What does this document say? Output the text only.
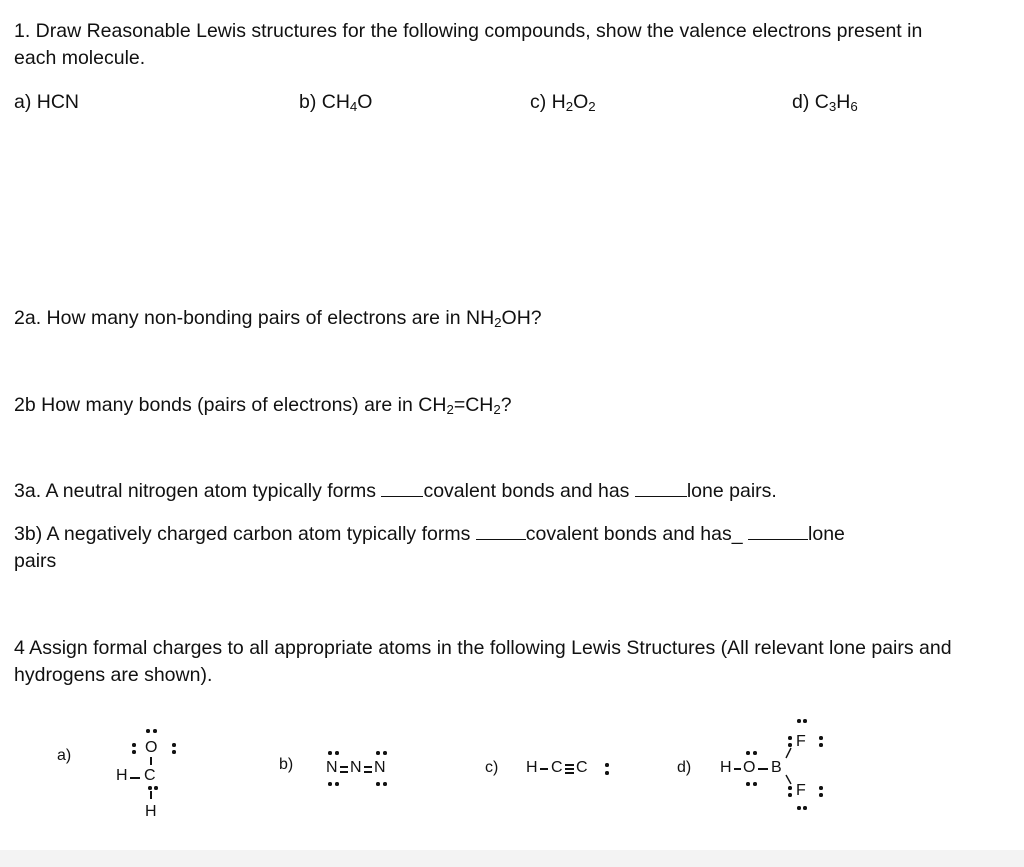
1. Draw Reasonable Lewis structures for the following compounds, show the valence electrons present in each molecule.
a) HCN	b) $CH_4O$	c) $H_2O_2$	d) $C_3H_6$
2a. How many non-bonding pairs of electrons are in $NH_2OH$?
2b How many bonds (pairs of electrons) are in $CH_2=CH_2$?
3a. A neutral nitrogen atom typically forms covalent bonds and has	lone pairs.
3b) A negatively charged carbon atom typically forms	covalent bonds and has_	lone
pairs
4 Assign formal charges to all appropriate atoms in the following Lewis Structures (All relevant lone pairs and hydrogens are shown).
a)	O
H C
H
b) N N N	c) H C C	d) H O B
F
F
